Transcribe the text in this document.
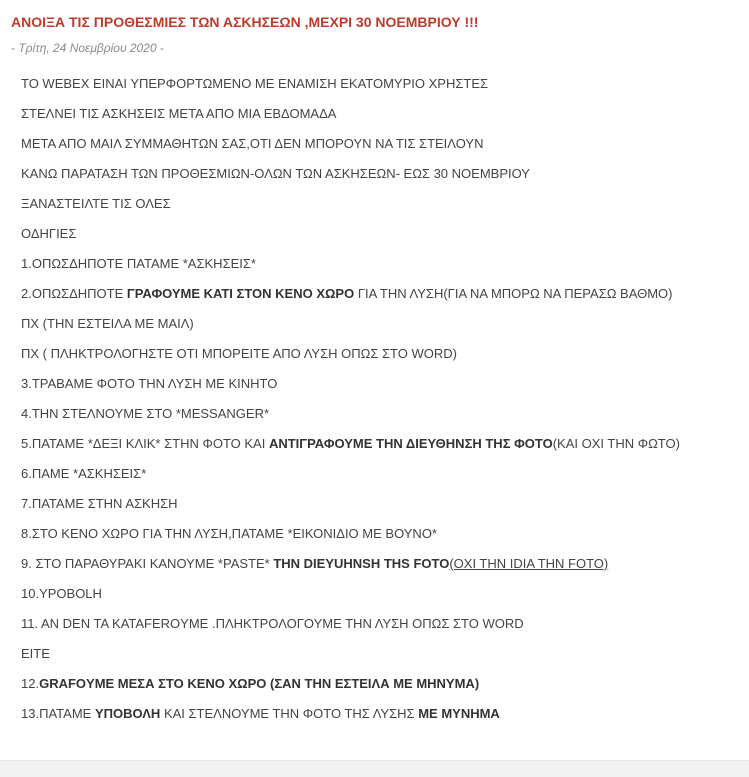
ΑΝΟΙΞΑ ΤΙΣ ΠΡΟΘΕΣΜΙΕΣ ΤΩΝ ΑΣΚΗΣΕΩΝ ,ΜΕΧΡΙ 30 ΝΟΕΜΒΡΙΟΥ !!!
- Τρίτη, 24 Νοεμβρίου 2020 -
ΤΟ WEBEX ΕΙΝΑΙ ΥΠΕΡΦΟΡΤΩΜΕΝΟ ΜΕ ΕΝΑΜΙΣΗ ΕΚΑΤΟΜΥΡΙΟ ΧΡΗΣΤΕΣ
ΣΤΕΛΝΕΙ ΤΙΣ ΑΣΚΗΣΕΙΣ ΜΕΤΑ ΑΠΟ ΜΙΑ ΕΒΔΟΜΑΔΑ
ΜΕΤΑ ΑΠΟ ΜΑΙΛ ΣΥΜΜΑΘΗΤΩΝ ΣΑΣ,ΟΤΙ ΔΕΝ ΜΠΟΡΟΥΝ ΝΑ ΤΙΣ ΣΤΕΙΛΟΥΝ
ΚΑΝΩ ΠΑΡΑΤΑΣΗ ΤΩΝ ΠΡΟΘΕΣΜΙΩΝ-ΟΛΩΝ ΤΩΝ ΑΣΚΗΣΕΩΝ- ΕΩΣ 30 ΝΟΕΜΒΡΙΟΥ
ΞΑΝΑΣΤΕΙΛΤΕ ΤΙΣ ΟΛΕΣ
ΟΔΗΓΙΕΣ
1.ΟΠΩΣΔΗΠΟΤΕ ΠΑΤΑΜΕ *ΑΣΚΗΣΕΙΣ*
2.ΟΠΩΣΔΗΠΟΤΕ ΓΡΑΦΟΥΜΕ ΚΑΤΙ ΣΤΟΝ ΚΕΝΟ ΧΩΡΟ ΓΙΑ ΤΗΝ ΛΥΣΗ(ΓΙΑ ΝΑ ΜΠΟΡΩ ΝΑ ΠΕΡΑΣΩ ΒΑΘΜΟ)
ΠΧ (ΤΗΝ ΕΣΤΕΙΛΑ ΜΕ ΜΑΙΛ)
ΠΧ ( ΠΛΗΚΤΡΟΛΟΓΗΣΤΕ ΟΤΙ ΜΠΟΡΕΙΤΕ ΑΠΟ ΛΥΣΗ ΟΠΩΣ ΣΤΟ WORD)
3.ΤΡΑΒΑΜΕ ΦΟΤΟ ΤΗΝ ΛΥΣΗ ΜΕ ΚΙΝΗΤΟ
4.ΤΗΝ ΣΤΕΛΝΟΥΜΕ ΣΤΟ *MESSANGER*
5.ΠΑΤΑΜΕ *ΔΕΞΙ ΚΛΙΚ* ΣΤΗΝ ΦΟΤΟ ΚΑΙ ΑΝΤΙΓΡΑΦΟΥΜΕ ΤΗΝ ΔΙΕΥΘΗΝΣΗ ΤΗΣ ΦΟΤΟ(ΚΑΙ ΟΧΙ ΤΗΝ ΦΩΤΟ)
6.ΠΑΜΕ *ΑΣΚΗΣΕΙΣ*
7.ΠΑΤΑΜΕ ΣΤΗΝ ΑΣΚΗΣΗ
8.ΣΤΟ ΚΕΝΟ ΧΩΡΟ ΓΙΑ ΤΗΝ ΛΥΣΗ,ΠΑΤΑΜΕ *ΕΙΚΟΝΙΔΙΟ ΜΕ ΒΟΥΝΟ*
9. ΣΤΟ ΠΑΡΑΘΥΡΑΚΙ ΚΑΝΟΥΜΕ *PASTE* THN DIEYUHNSH THS FOTO(OXI THN IDIA THN FOTO)
10.YPOBOLH
11. AN DEN TA KATAFEROYME .ΠΛΗΚΤΡΟΛΟΓΟΥΜΕ ΤΗΝ ΛΥΣΗ ΟΠΩΣ ΣΤΟ WORD
EITE
12.GRAFOYME ΜΕΣΑ ΣΤΟ ΚΕΝΟ ΧΩΡΟ (ΣΑΝ ΤΗΝ ΕΣΤΕΙΛΑ ΜΕ ΜΗΝΥΜΑ)
13.ΠΑΤΑΜΕ ΥΠΟΒΟΛΗ ΚΑΙ ΣΤΕΛΝΟΥΜΕ ΤΗΝ ΦΟΤΟ ΤΗΣ ΛΥΣΗΣ ΜΕ ΜΥΝΗΜΑ
